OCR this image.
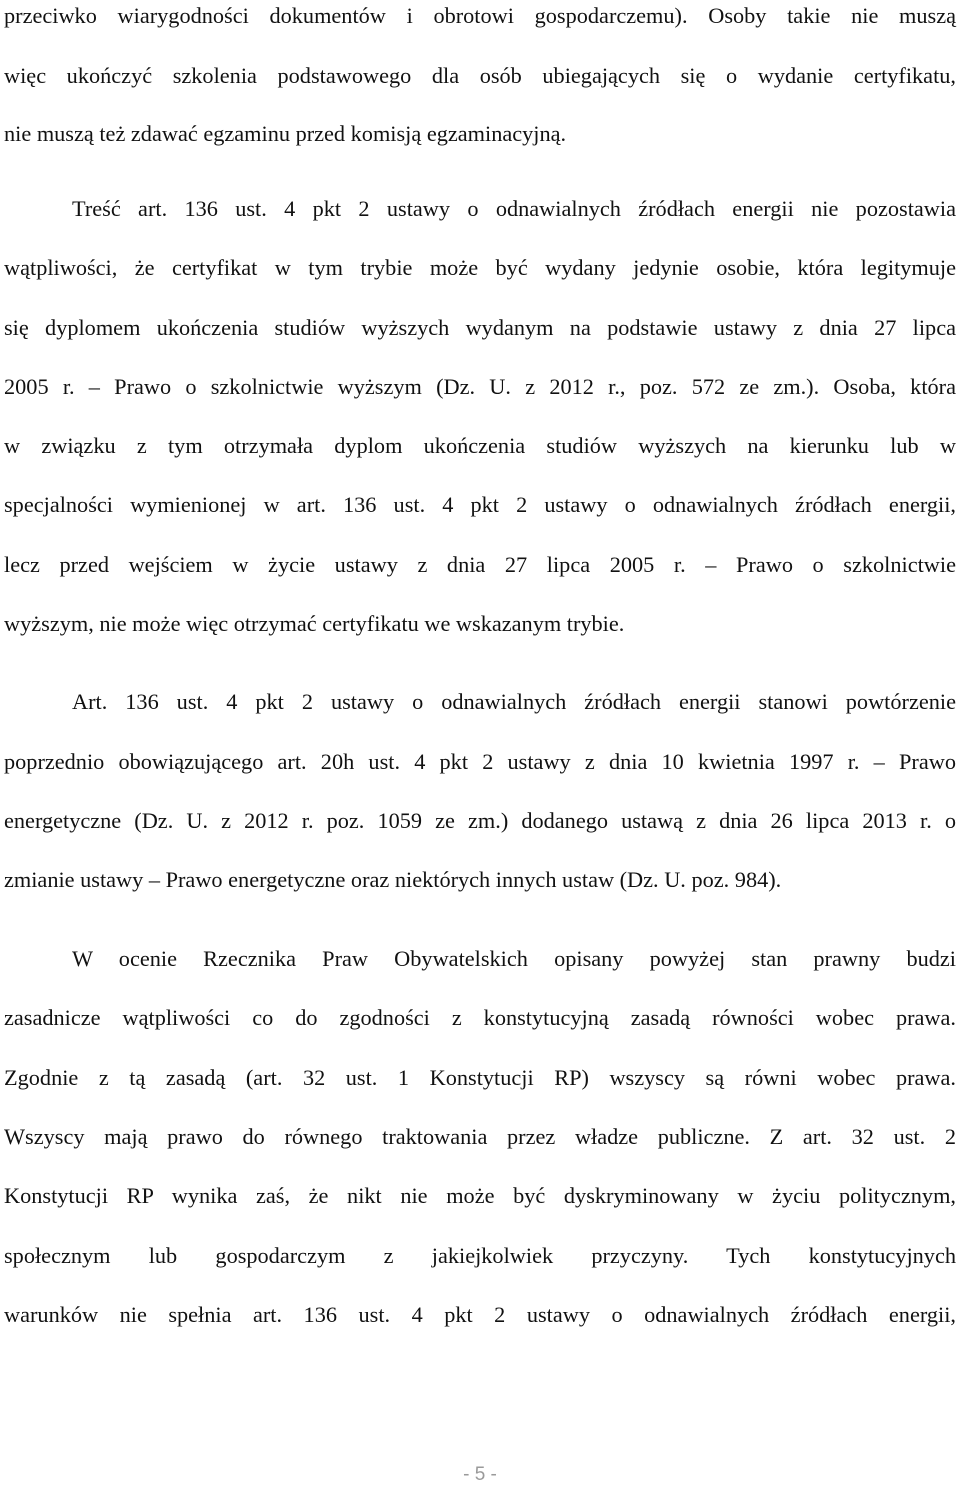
przeciwko wiarygodności dokumentów i obrotowi gospodarczemu). Osoby takie nie muszą
więc ukończyć szkolenia podstawowego dla osób ubiegających się o wydanie certyfikatu,
nie muszą też zdawać egzaminu przed komisją egzaminacyjną.
Treść art. 136 ust. 4 pkt 2 ustawy o odnawialnych źródłach energii nie pozostawia
wątpliwości, że certyfikat w tym trybie może być wydany jedynie osobie, która legitymuje
się dyplomem ukończenia studiów wyższych wydanym na podstawie ustawy z dnia 27 lipca
2005 r. ‒ Prawo o szkolnictwie wyższym (Dz. U. z 2012 r., poz. 572 ze zm.). Osoba, która
w związku z tym otrzymała dyplom ukończenia studiów wyższych na kierunku lub w
specjalności wymienionej w art. 136 ust. 4 pkt 2 ustawy o odnawialnych źródłach energii,
lecz przed wejściem w życie ustawy z dnia 27 lipca 2005 r. ‒ Prawo o szkolnictwie
wyższym, nie może więc otrzymać certyfikatu we wskazanym trybie.
Art. 136 ust. 4 pkt 2 ustawy o odnawialnych źródłach energii stanowi powtórzenie
poprzednio obowiązującego art. 20h ust. 4 pkt 2 ustawy z dnia 10 kwietnia 1997 r. ‒ Prawo
energetyczne (Dz. U. z 2012 r. poz. 1059 ze zm.) dodanego ustawą z dnia 26 lipca 2013 r. o
zmianie ustawy ‒ Prawo energetyczne oraz niektórych innych ustaw (Dz. U. poz. 984).
W ocenie Rzecznika Praw Obywatelskich opisany powyżej stan prawny budzi
zasadnicze wątpliwości co do zgodności z konstytucyjną zasadą równości wobec prawa.
Zgodnie z tą zasadą (art. 32 ust. 1 Konstytucji RP) wszyscy są równi wobec prawa.
Wszyscy mają prawo do równego traktowania przez władze publiczne. Z art. 32 ust. 2
Konstytucji RP wynika zaś, że nikt nie może być dyskryminowany w życiu politycznym,
społecznym lub gospodarczym z jakiejkolwiek przyczyny. Tych konstytucyjnych
warunków nie spełnia art. 136 ust. 4 pkt 2 ustawy o odnawialnych źródłach energii,
- 5 -
